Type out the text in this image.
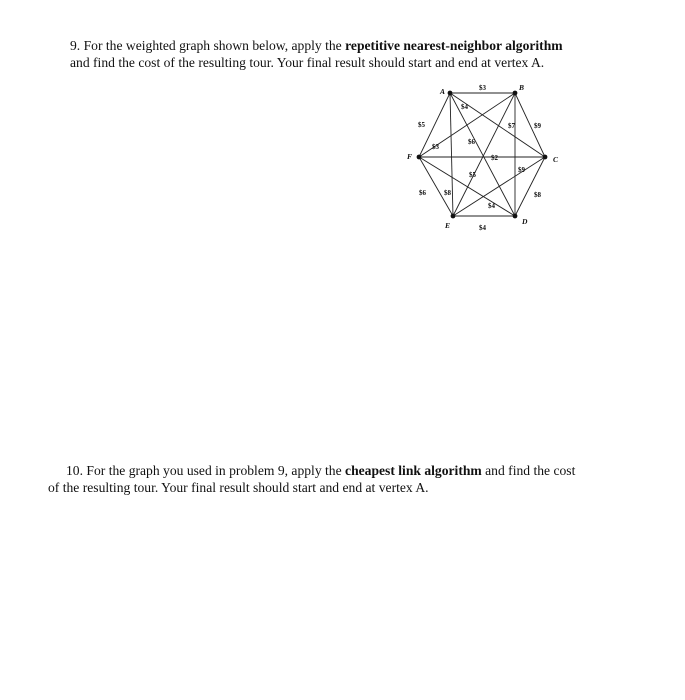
9. For the weighted graph shown below, apply the repetitive nearest-neighbor algorithm
and find the cost of the resulting tour. Your final result should start and end at vertex A.
A	B
C
D
E
F
$3
$4
$5	$7	$9
$3
$6
$2
$5
$9
$6	$8	$8
$4
$4
10. For the graph you used in problem 9, apply the cheapest link algorithm and find the cost
of the resulting tour. Your final result should start and end at vertex A.
